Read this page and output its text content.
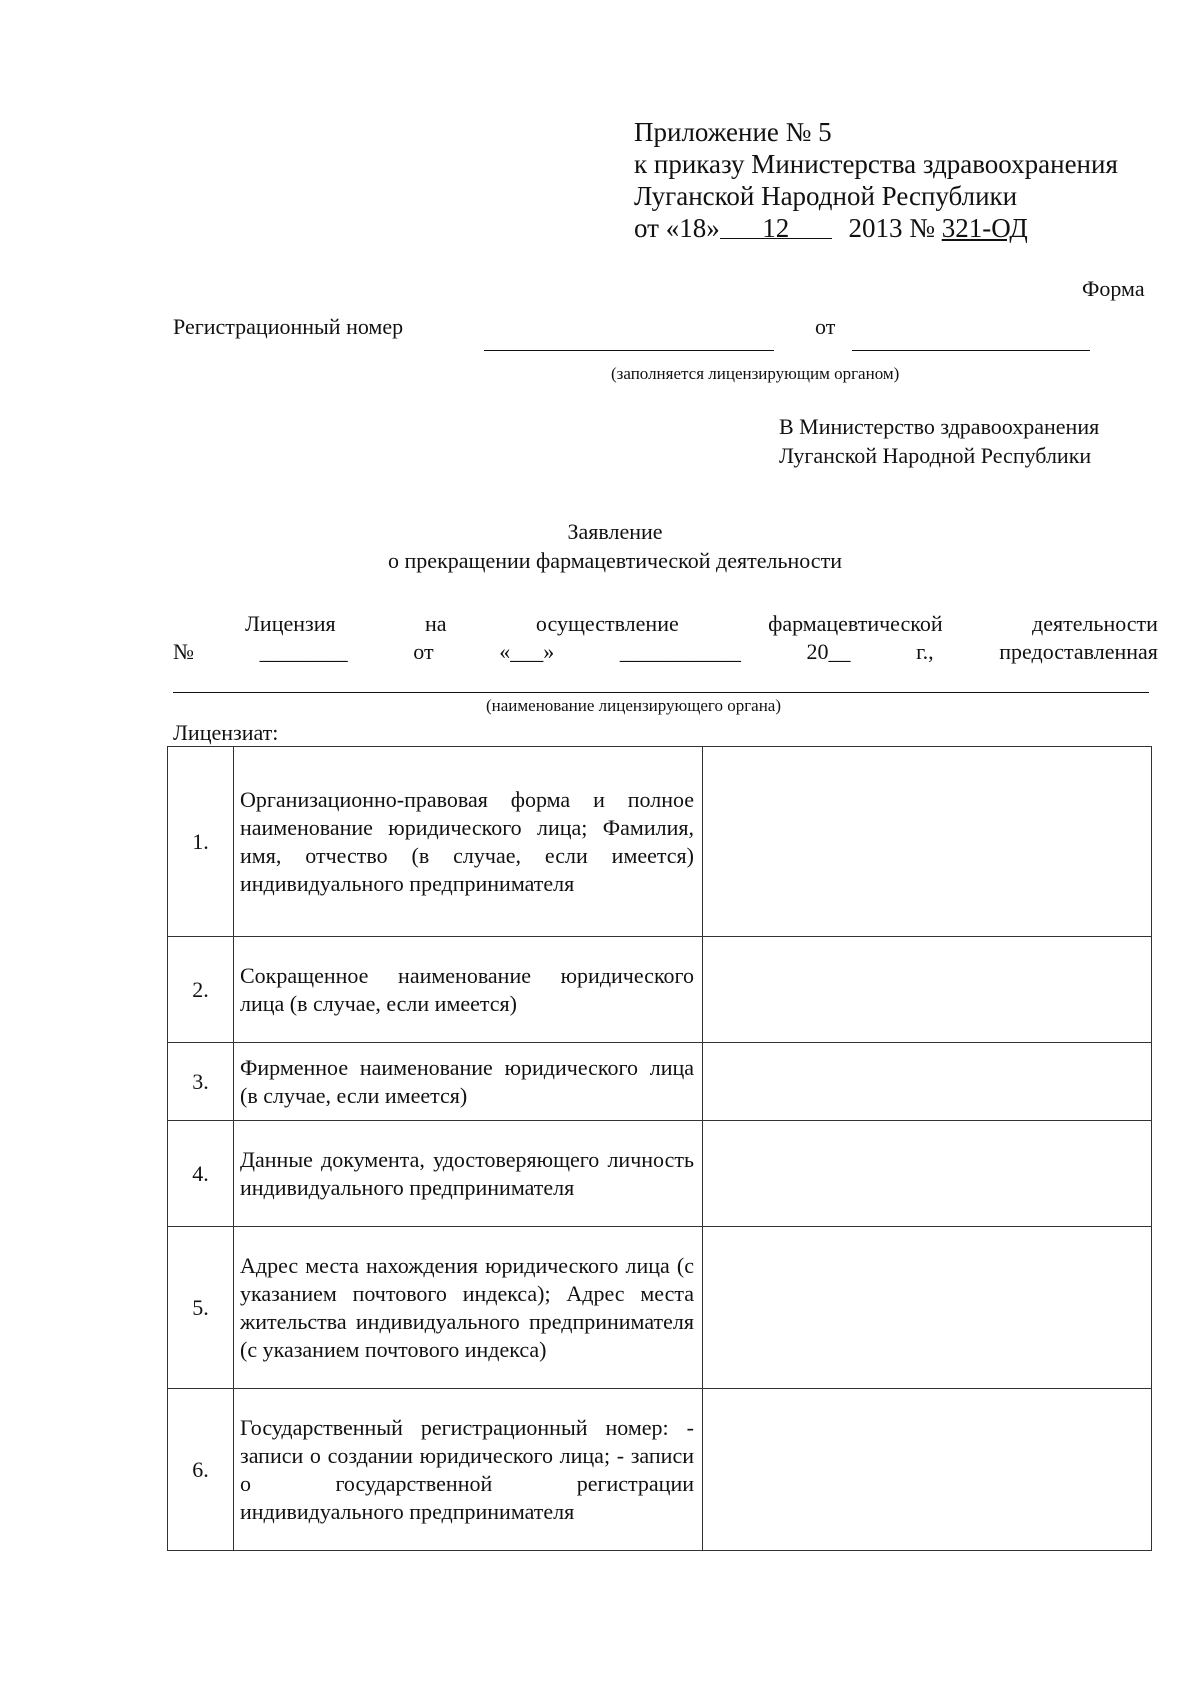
Приложение № 5
к приказу Министерства здравоохранения
Луганской Народной Республики
от «18» 12 2013 № 321-ОД
Форма
Регистрационный номер	от
(заполняется лицензирующим органом)
В Министерство здравоохранения
Луганской Народной Республики
Заявление
о прекращении фармацевтической деятельности
Лицензия	на	осуществление	фармацевтической	деятельности
№	________	от	«___»	___________	20__	г.,	предоставленная
(наименование лицензирующего органа)
Лицензиат:
1.	Организационно-правовая форма и полное наименование юридического лица; Фамилия, имя, отчество (в случае, если имеется) индивидуального предпринимателя	
2.	Сокращенное наименование юридического лица (в случае, если имеется)	
3.	Фирменное наименование юридического лица (в случае, если имеется)	
4.	Данные документа, удостоверяющего личность индивидуального предпринимателя	
5.	Адрес места нахождения юридического лица (с указанием почтового индекса); Адрес места жительства индивидуального предпринимателя (с указанием почтового индекса)	
6.	Государственный регистрационный номер: - записи о создании юридического лица; - записи о государственной регистрации индивидуального предпринимателя	
